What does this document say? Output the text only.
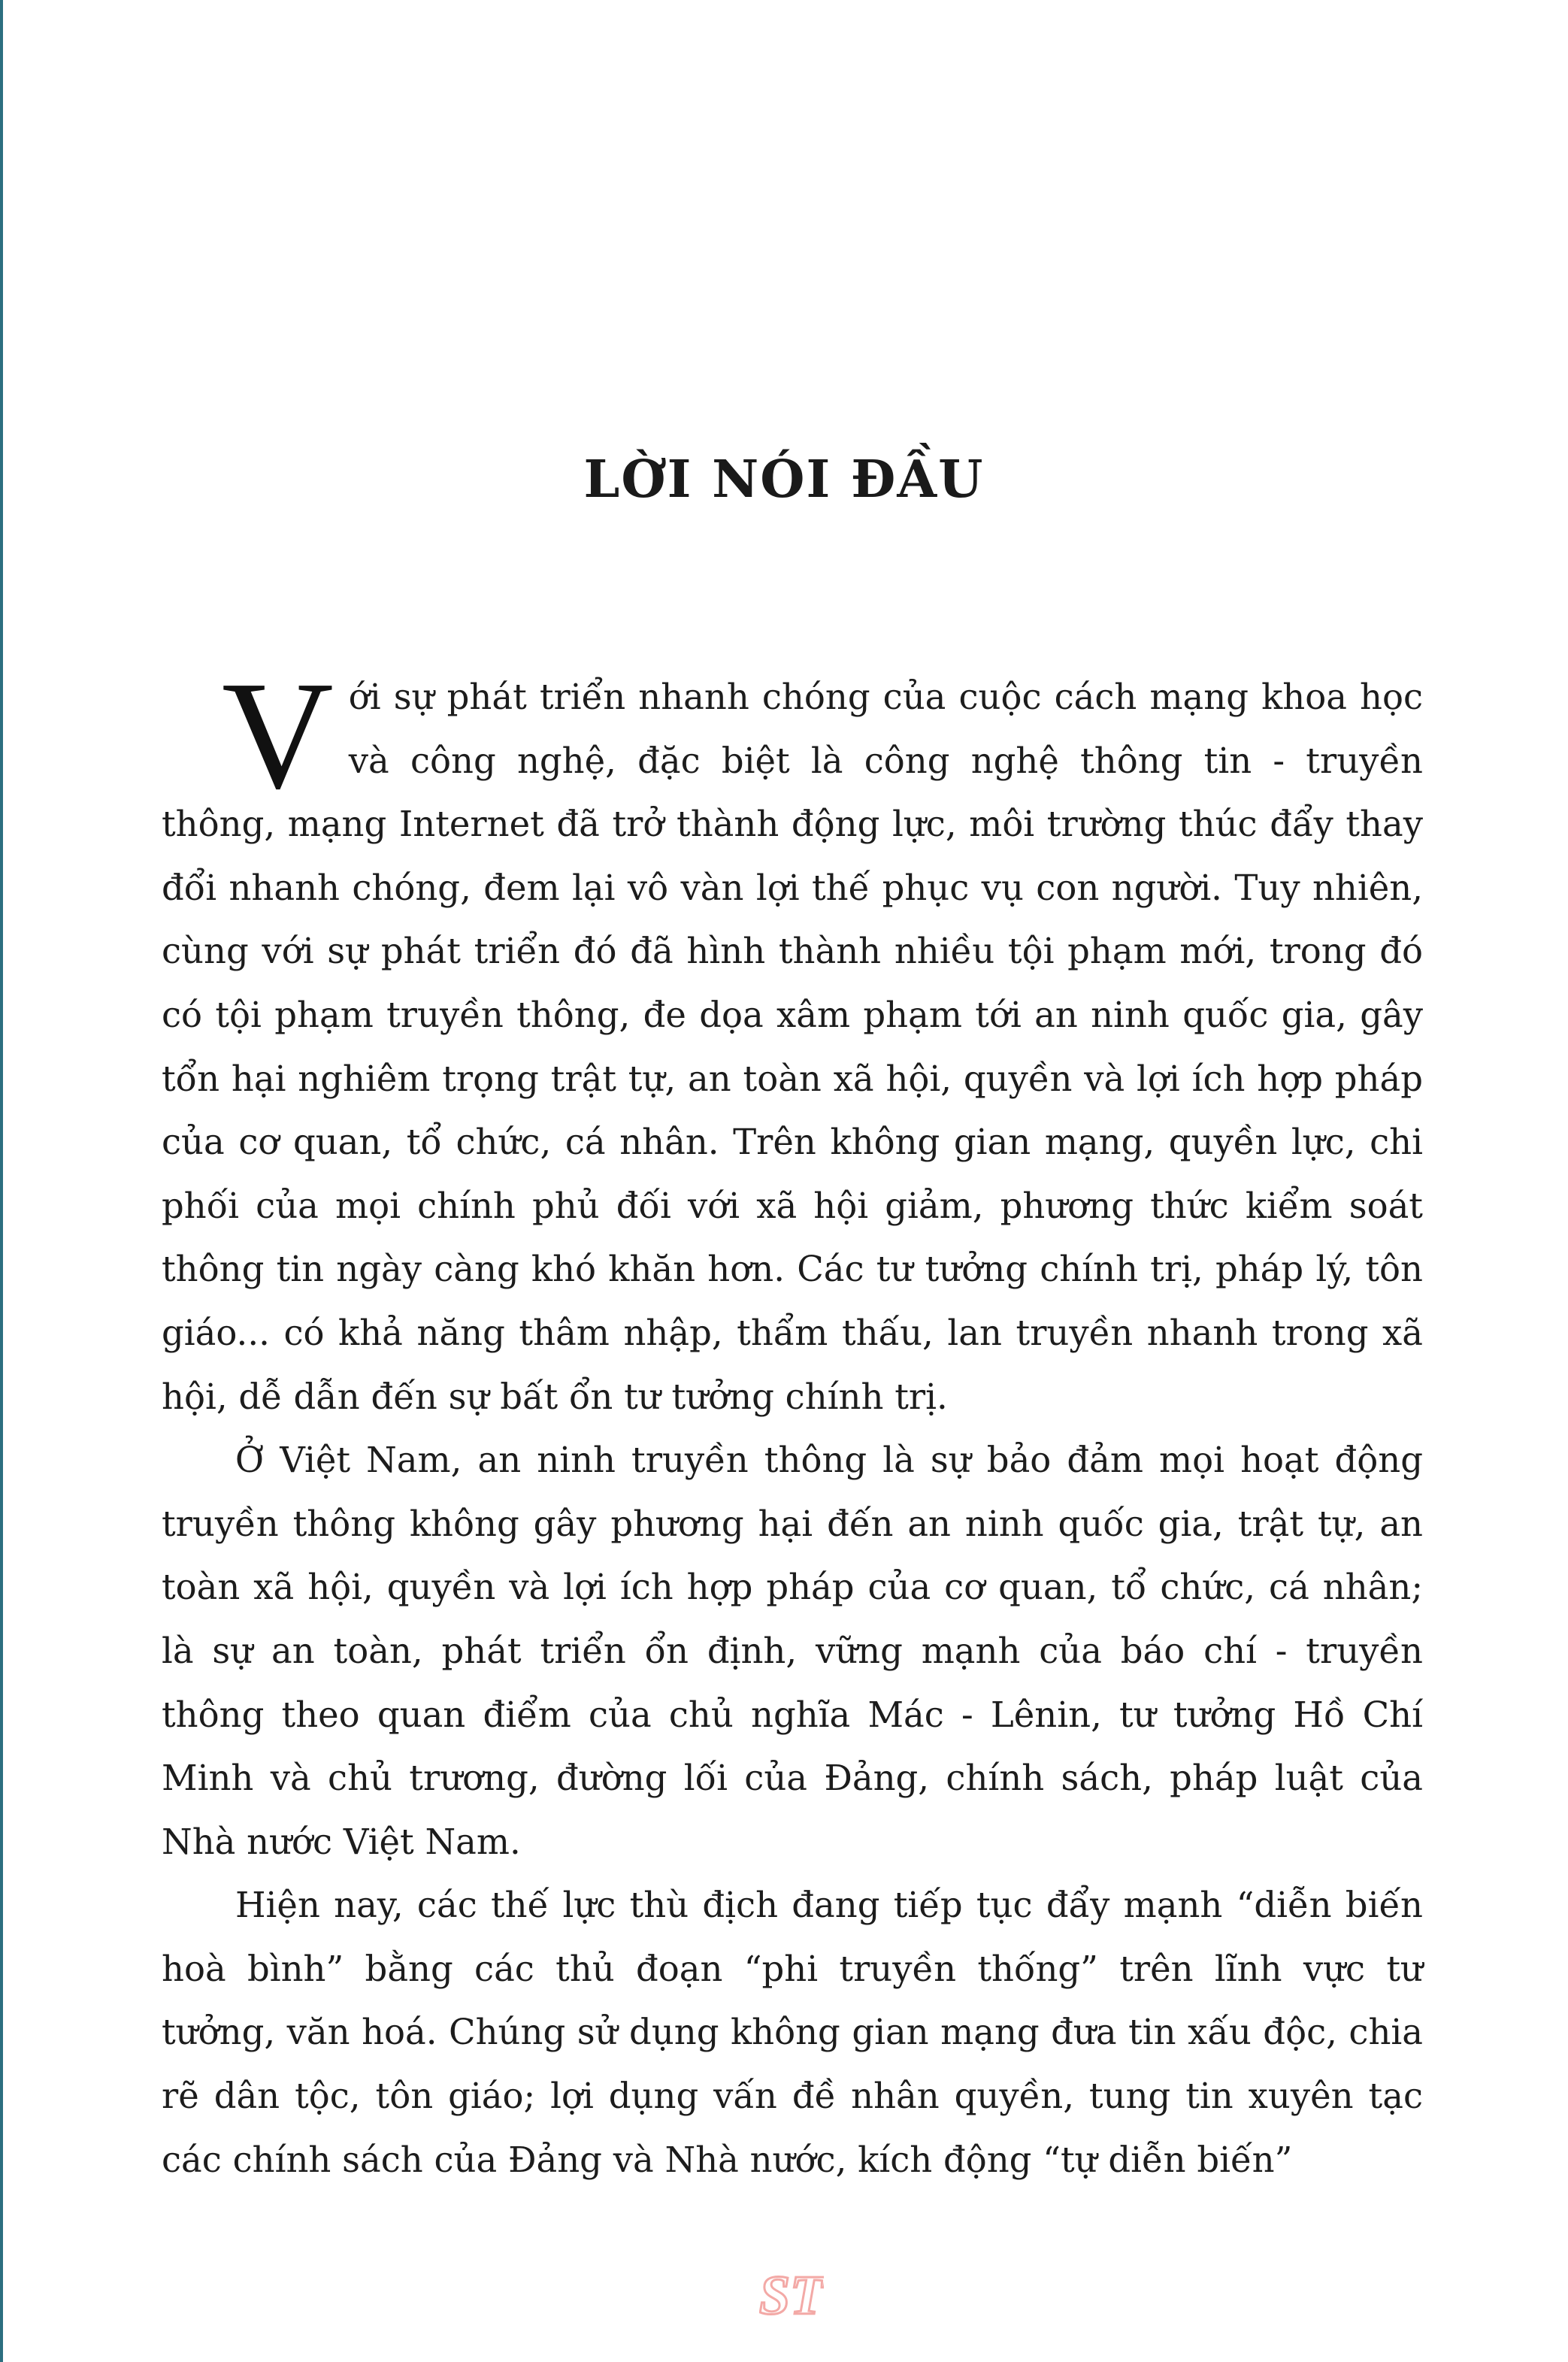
LỜI NÓI ĐẦU

Với sự phát triển nhanh chóng của cuộc cách mạng khoa học và công nghệ, đặc biệt là công nghệ thông tin - truyền thông, mạng Internet đã trở thành động lực, môi trường thúc đẩy thay đổi nhanh chóng, đem lại vô vàn lợi thế phục vụ con người. Tuy nhiên, cùng với sự phát triển đó đã hình thành nhiều tội phạm mới, trong đó có tội phạm truyền thông, đe dọa xâm phạm tới an ninh quốc gia, gây tổn hại nghiêm trọng trật tự, an toàn xã hội, quyền và lợi ích hợp pháp của cơ quan, tổ chức, cá nhân. Trên không gian mạng, quyền lực, chi phối của mọi chính phủ đối với xã hội giảm, phương thức kiểm soát thông tin ngày càng khó khăn hơn. Các tư tưởng chính trị, pháp lý, tôn giáo... có khả năng thâm nhập, thẩm thấu, lan truyền nhanh trong xã hội, dễ dẫn đến sự bất ổn tư tưởng chính trị.

Ở Việt Nam, an ninh truyền thông là sự bảo đảm mọi hoạt động truyền thông không gây phương hại đến an ninh quốc gia, trật tự, an toàn xã hội, quyền và lợi ích hợp pháp của cơ quan, tổ chức, cá nhân; là sự an toàn, phát triển ổn định, vững mạnh của báo chí - truyền thông theo quan điểm của chủ nghĩa Mác - Lênin, tư tưởng Hồ Chí Minh và chủ trương, đường lối của Đảng, chính sách, pháp luật của Nhà nước Việt Nam.

Hiện nay, các thế lực thù địch đang tiếp tục đẩy mạnh “diễn biến hoà bình” bằng các thủ đoạn “phi truyền thống” trên lĩnh vực tư tưởng, văn hoá. Chúng sử dụng không gian mạng đưa tin xấu độc, chia rẽ dân tộc, tôn giáo; lợi dụng vấn đề nhân quyền, tung tin xuyên tạc các chính sách của Đảng và Nhà nước, kích động “tự diễn biến”

ST
